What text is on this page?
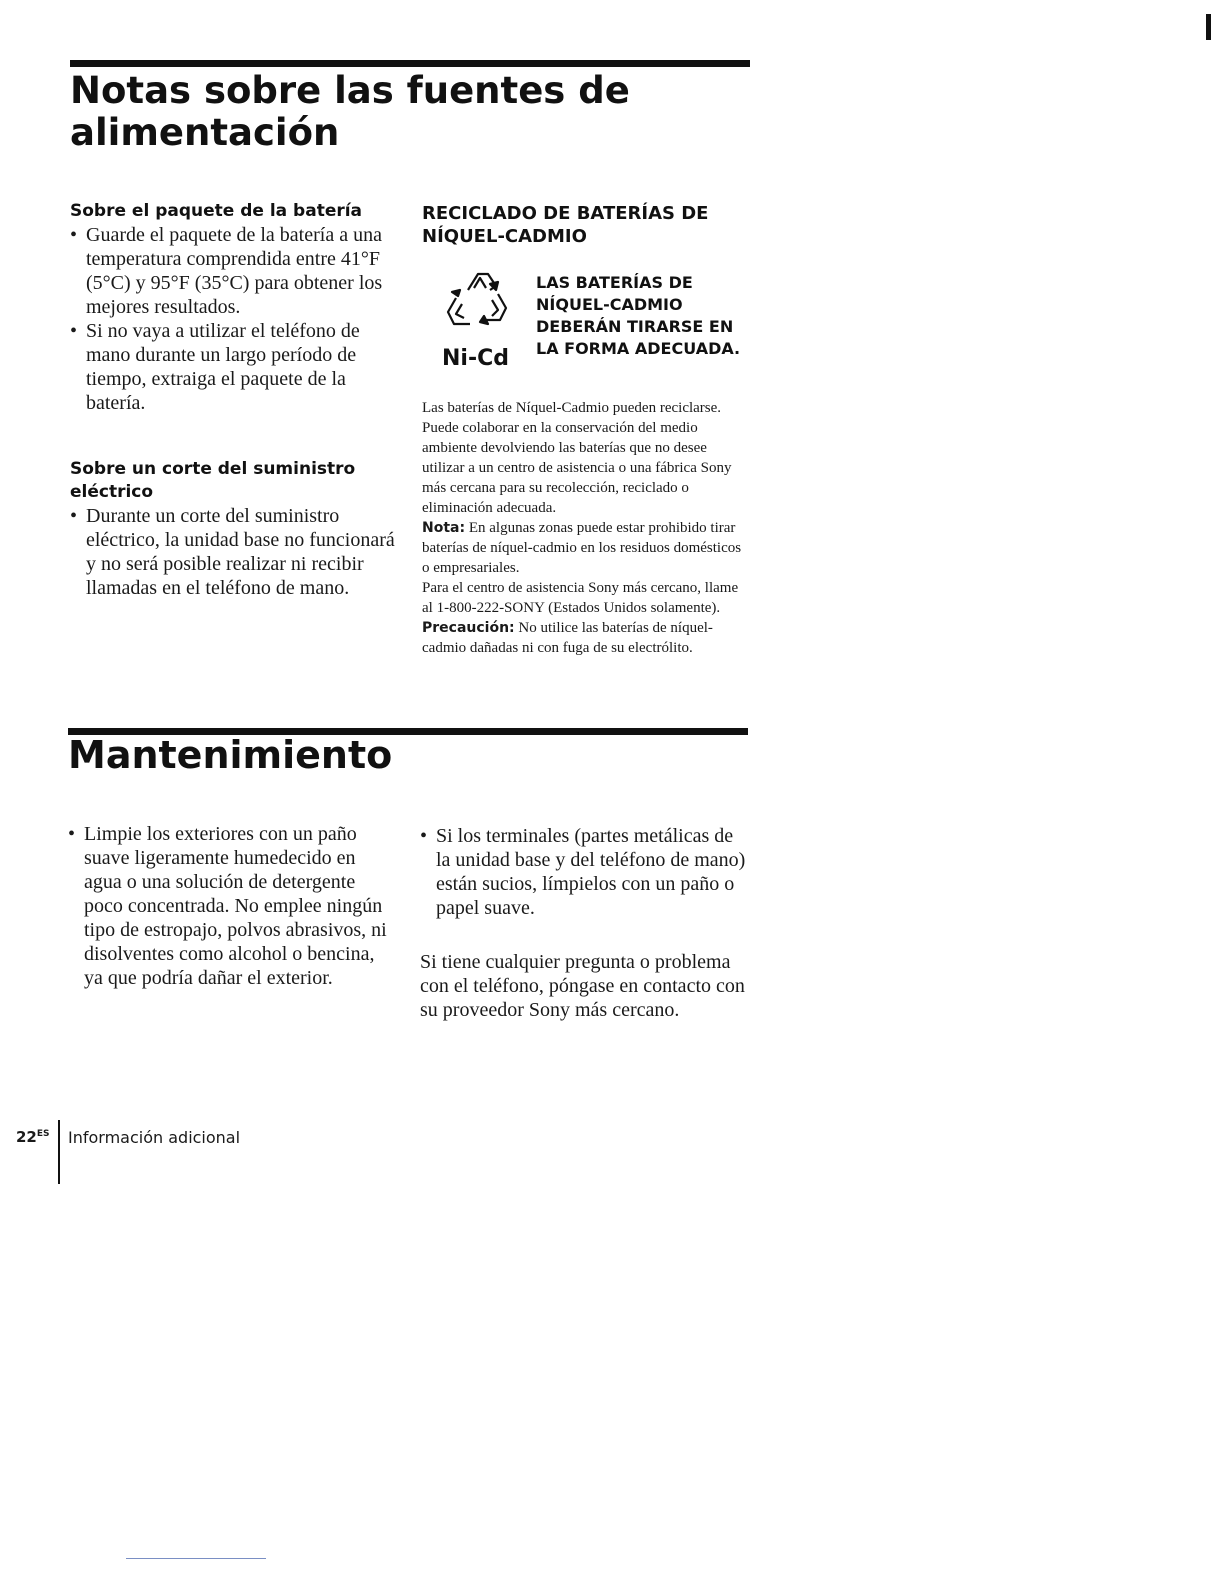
Notas sobre las fuentes de
alimentación
Sobre el paquete de la batería
• Guarde el paquete de la batería a una temperatura comprendida entre 41°F (5°C) y 95°F (35°C) para obtener los mejores resultados.
• Si no vaya a utilizar el teléfono de mano durante un largo período de tiempo, extraiga el paquete de la batería.
Sobre un corte del suministro eléctrico
• Durante un corte del suministro eléctrico, la unidad base no funcionará y no será posible realizar ni recibir llamadas en el teléfono de mano.
RECICLADO DE BATERÍAS DE
NÍQUEL-CADMIO
Ni-Cd
LAS BATERÍAS DE NÍQUEL-CADMIO DEBERÁN TIRARSE EN LA FORMA ADECUADA.

Las baterías de Níquel-Cadmio pueden reciclarse. Puede colaborar en la conservación del medio ambiente devolviendo las baterías que no desee utilizar a un centro de asistencia o una fábrica Sony más cercana para su recolección, reciclado o eliminación adecuada.

Nota: En algunas zonas puede estar prohibido tirar baterías de níquel-cadmio en los residuos domésticos o empresariales.

Para el centro de asistencia Sony más cercano, llame al 1-800-222-SONY (Estados Unidos solamente).

Precaución: No utilice las baterías de níquel-cadmio dañadas ni con fuga de su electrólito.

Mantenimiento
• Limpie los exteriores con un paño suave ligeramente humedecido en agua o una solución de detergente poco concentrada. No emplee ningún tipo de estropajo, polvos abrasivos, ni disolventes como alcohol o bencina, ya que podría dañar el exterior.
• Si los terminales (partes metálicas de la unidad base y del teléfono de mano) están sucios, límpielos con un paño o papel suave.

Si tiene cualquier pregunta o problema con el teléfono, póngase en contacto con su proveedor Sony más cercano.

$22^{ES}$ Información adicional
